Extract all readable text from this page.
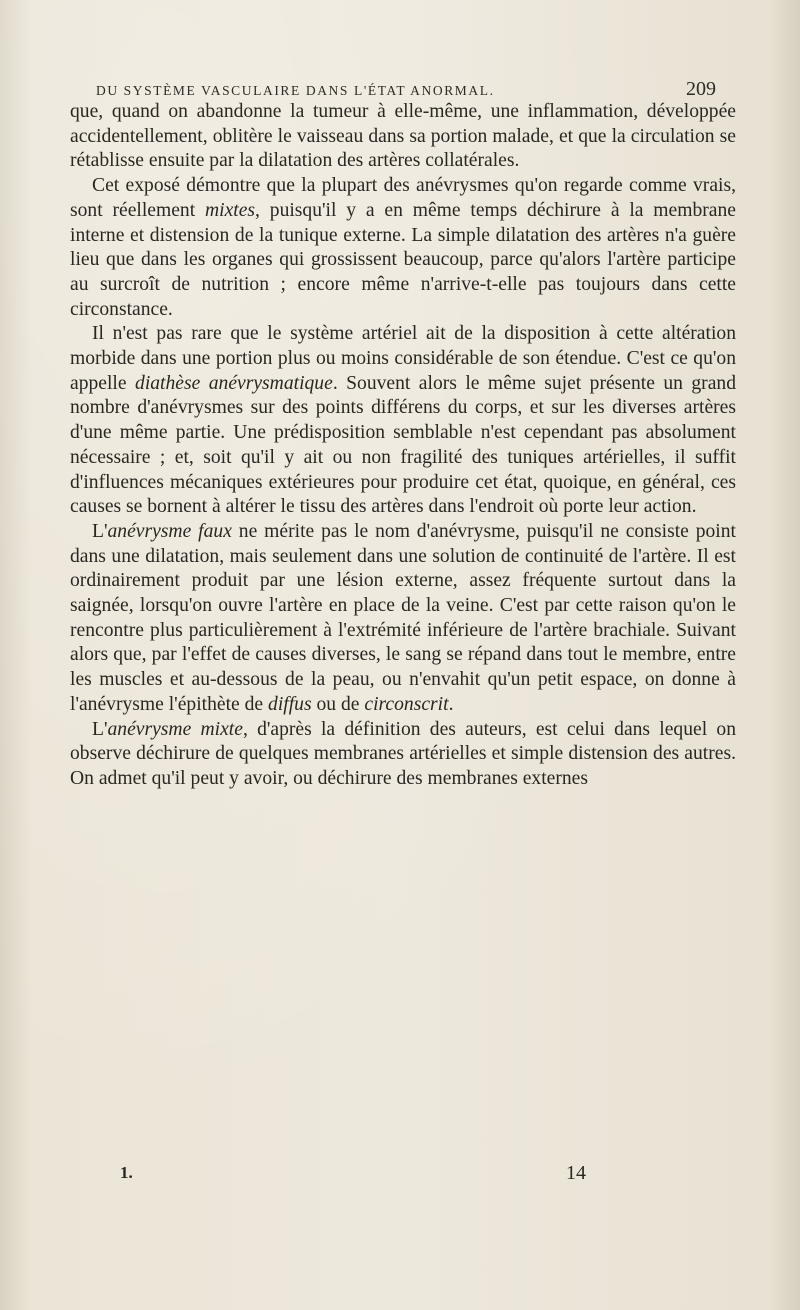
DU SYSTÈME VASCULAIRE DANS L'ÉTAT ANORMAL.	209

que, quand on abandonne la tumeur à elle-même, une inflammation, développée accidentellement, oblitère le vaisseau dans sa portion malade, et que la circulation se rétablisse ensuite par la dilatation des artères collatérales.

Cet exposé démontre que la plupart des anévrysmes qu'on regarde comme vrais, sont réellement mixtes, puisqu'il y a en même temps déchirure à la membrane interne et distension de la tunique externe. La simple dilatation des artères n'a guère lieu que dans les organes qui grossissent beaucoup, parce qu'alors l'artère participe au surcroît de nutrition ; encore même n'arrive-t-elle pas toujours dans cette circonstance.

Il n'est pas rare que le système artériel ait de la disposition à cette altération morbide dans une portion plus ou moins considérable de son étendue. C'est ce qu'on appelle diathèse anévrysmatique. Souvent alors le même sujet présente un grand nombre d'anévrysmes sur des points différens du corps, et sur les diverses artères d'une même partie. Une prédisposition semblable n'est cependant pas absolument nécessaire ; et, soit qu'il y ait ou non fragilité des tuniques artérielles, il suffit d'influences mécaniques extérieures pour produire cet état, quoique, en général, ces causes se bornent à altérer le tissu des artères dans l'endroit où porte leur action.

L'anévrysme faux ne mérite pas le nom d'anévrysme, puisqu'il ne consiste point dans une dilatation, mais seulement dans une solution de continuité de l'artère. Il est ordinairement produit par une lésion externe, assez fréquente surtout dans la saignée, lorsqu'on ouvre l'artère en place de la veine. C'est par cette raison qu'on le rencontre plus particulièrement à l'extrémité inférieure de l'artère brachiale. Suivant alors que, par l'effet de causes diverses, le sang se répand dans tout le membre, entre les muscles et au-dessous de la peau, ou n'envahit qu'un petit espace, on donne à l'anévrysme l'épithète de diffus ou de circonscrit.

L'anévrysme mixte, d'après la définition des auteurs, est celui dans lequel on observe déchirure de quelques membranes artérielles et simple distension des autres. On admet qu'il peut y avoir, ou déchirure des membranes externes

1.	14
